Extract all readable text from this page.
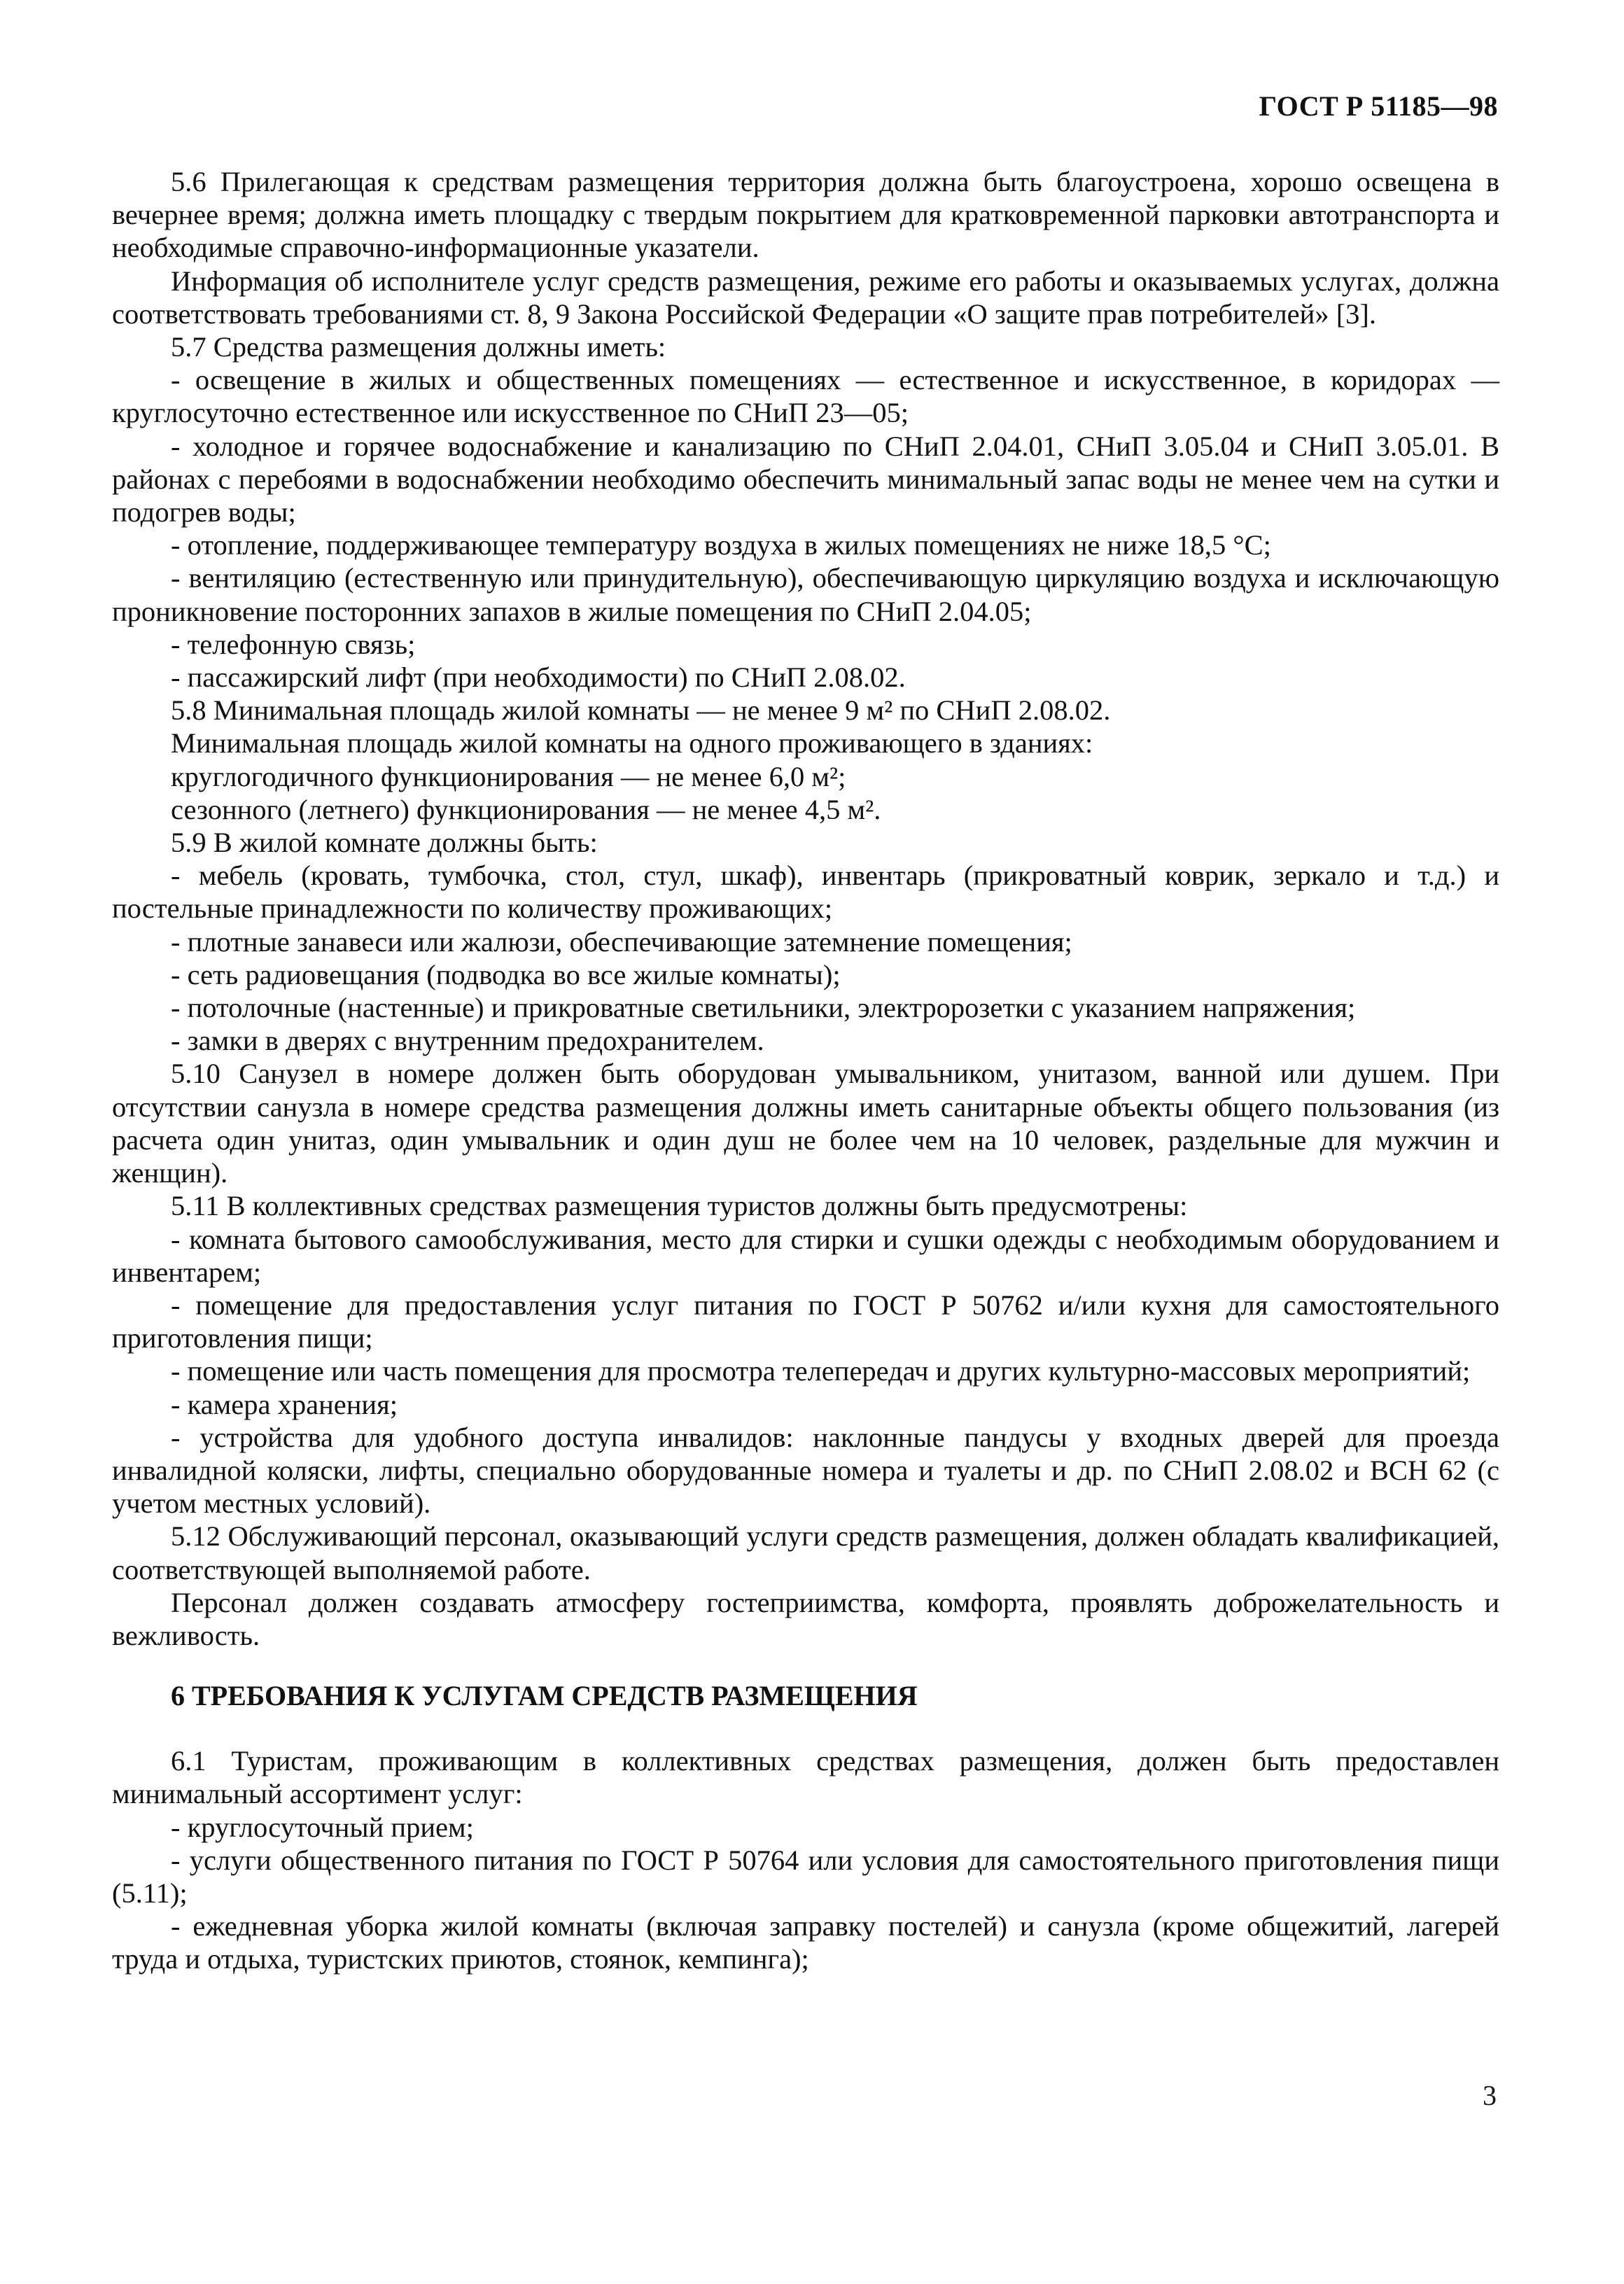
ГОСТ Р 51185—98

5.6 Прилегающая к средствам размещения территория должна быть благоустроена, хорошо освещена в вечернее время; должна иметь площадку с твердым покрытием для кратковременной парковки автотранспорта и необходимые справочно-информационные указатели.

Информация об исполнителе услуг средств размещения, режиме его работы и оказываемых услугах, должна соответствовать требованиями ст. 8, 9 Закона Российской Федерации «О защите прав потребителей» [3].

5.7 Средства размещения должны иметь:

- освещение в жилых и общественных помещениях — естественное и искусственное, в коридорах — круглосуточно естественное или искусственное по СНиП 23—05;

- холодное и горячее водоснабжение и канализацию по СНиП 2.04.01, СНиП 3.05.04 и СНиП 3.05.01. В районах с перебоями в водоснабжении необходимо обеспечить минимальный запас воды не менее чем на сутки и подогрев воды;

- отопление, поддерживающее температуру воздуха в жилых помещениях не ниже 18,5 °С;

- вентиляцию (естественную или принудительную), обеспечивающую циркуляцию воздуха и исключающую проникновение посторонних запахов в жилые помещения по СНиП 2.04.05;

- телефонную связь;

- пассажирский лифт (при необходимости) по СНиП 2.08.02.

5.8 Минимальная площадь жилой комнаты — не менее 9 м² по СНиП 2.08.02.

Минимальная площадь жилой комнаты на одного проживающего в зданиях:

круглогодичного функционирования — не менее 6,0 м²;

сезонного (летнего) функционирования — не менее 4,5 м².

5.9 В жилой комнате должны быть:

- мебель (кровать, тумбочка, стол, стул, шкаф), инвентарь (прикроватный коврик, зеркало и т.д.) и постельные принадлежности по количеству проживающих;

- плотные занавеси или жалюзи, обеспечивающие затемнение помещения;

- сеть радиовещания (подводка во все жилые комнаты);

- потолочные (настенные) и прикроватные светильники, электророзетки с указанием напряжения;

- замки в дверях с внутренним предохранителем.

5.10 Санузел в номере должен быть оборудован умывальником, унитазом, ванной или душем. При отсутствии санузла в номере средства размещения должны иметь санитарные объекты общего пользования (из расчета один унитаз, один умывальник и один душ не более чем на 10 человек, раздельные для мужчин и женщин).

5.11 В коллективных средствах размещения туристов должны быть предусмотрены:

- комната бытового самообслуживания, место для стирки и сушки одежды с необходимым оборудованием и инвентарем;

- помещение для предоставления услуг питания по ГОСТ Р 50762 и/или кухня для самостоятельного приготовления пищи;

- помещение или часть помещения для просмотра телепередач и других культурно-массовых мероприятий;

- камера хранения;

- устройства для удобного доступа инвалидов: наклонные пандусы у входных дверей для проезда инвалидной коляски, лифты, специально оборудованные номера и туалеты и др. по СНиП 2.08.02 и ВСН 62 (с учетом местных условий).

5.12 Обслуживающий персонал, оказывающий услуги средств размещения, должен обладать квалификацией, соответствующей выполняемой работе.

Персонал должен создавать атмосферу гостеприимства, комфорта, проявлять доброжелательность и вежливость.

6 ТРЕБОВАНИЯ К УСЛУГАМ СРЕДСТВ РАЗМЕЩЕНИЯ

6.1 Туристам, проживающим в коллективных средствах размещения, должен быть предоставлен минимальный ассортимент услуг:

- круглосуточный прием;

- услуги общественного питания по ГОСТ Р 50764 или условия для самостоятельного приготовления пищи (5.11);

- ежедневная уборка жилой комнаты (включая заправку постелей) и санузла (кроме общежитий, лагерей труда и отдыха, туристских приютов, стоянок, кемпинга);

3
